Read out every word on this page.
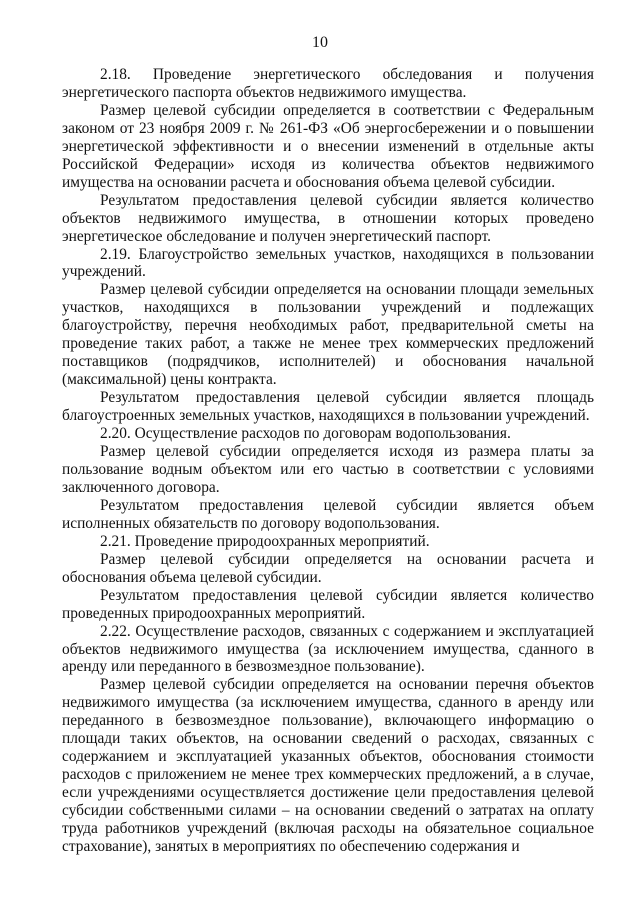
10

2.18. Проведение энергетического обследования и получения энергетического паспорта объектов недвижимого имущества.

Размер целевой субсидии определяется в соответствии с Федеральным законом от 23 ноября 2009 г. № 261-ФЗ «Об энергосбережении и о повышении энергетической эффективности и о внесении изменений в отдельные акты Российской Федерации» исходя из количества объектов недвижимого имущества на основании расчета и обоснования объема целевой субсидии.

Результатом предоставления целевой субсидии является количество объектов недвижимого имущества, в отношении которых проведено энергетическое обследование и получен энергетический паспорт.

2.19. Благоустройство земельных участков, находящихся в пользовании учреждений.

Размер целевой субсидии определяется на основании площади земельных участков, находящихся в пользовании учреждений и подлежащих благоустройству, перечня необходимых работ, предварительной сметы на проведение таких работ, а также не менее трех коммерческих предложений поставщиков (подрядчиков, исполнителей) и обоснования начальной (максимальной) цены контракта.

Результатом предоставления целевой субсидии является площадь благоустроенных земельных участков, находящихся в пользовании учреждений.

2.20. Осуществление расходов по договорам водопользования.

Размер целевой субсидии определяется исходя из размера платы за пользование водным объектом или его частью в соответствии с условиями заключенного договора.

Результатом предоставления целевой субсидии является объем исполненных обязательств по договору водопользования.

2.21. Проведение природоохранных мероприятий.

Размер целевой субсидии определяется на основании расчета и обоснования объема целевой субсидии.

Результатом предоставления целевой субсидии является количество проведенных природоохранных мероприятий.

2.22. Осуществление расходов, связанных с содержанием и эксплуатацией объектов недвижимого имущества (за исключением имущества, сданного в аренду или переданного в безвозмездное пользование).

Размер целевой субсидии определяется на основании перечня объектов недвижимого имущества (за исключением имущества, сданного в аренду или переданного в безвозмездное пользование), включающего информацию о площади таких объектов, на основании сведений о расходах, связанных с содержанием и эксплуатацией указанных объектов, обоснования стоимости расходов с приложением не менее трех коммерческих предложений, а в случае, если учреждениями осуществляется достижение цели предоставления целевой субсидии собственными силами – на основании сведений о затратах на оплату труда работников учреждений (включая расходы на обязательное социальное страхование), занятых в мероприятиях по обеспечению содержания и
